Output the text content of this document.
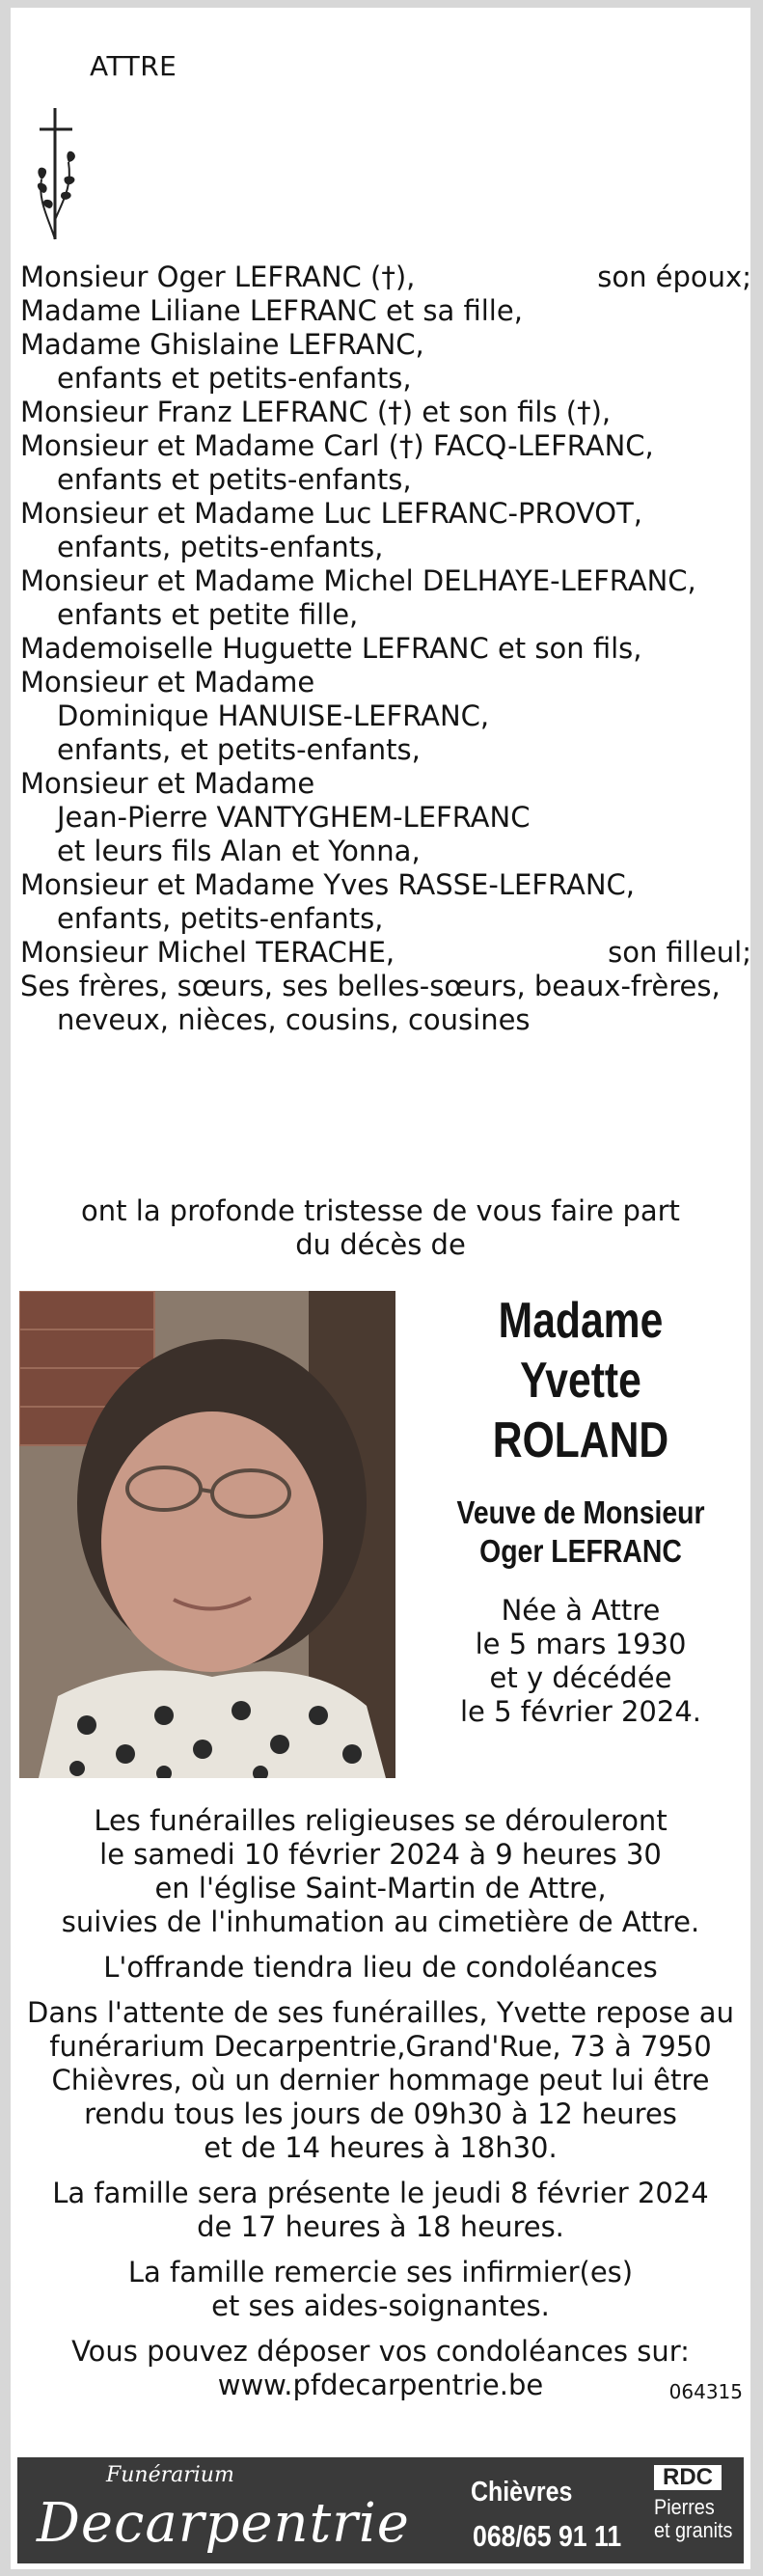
ATTRE
Monsieur Oger LEFRANC (†),	son époux;
Madame Liliane LEFRANC et sa fille,
Madame Ghislaine LEFRANC,
enfants et petits-enfants,
Monsieur Franz LEFRANC (†) et son fils (†),
Monsieur et Madame Carl (†) FACQ-LEFRANC,
enfants et petits-enfants,
Monsieur et Madame Luc LEFRANC-PROVOT,
enfants, petits-enfants,
Monsieur et Madame Michel DELHAYE-LEFRANC,
enfants et petite fille,
Mademoiselle Huguette LEFRANC et son fils,
Monsieur et Madame
Dominique HANUISE-LEFRANC,
enfants, et petits-enfants,
Monsieur et Madame
Jean-Pierre VANTYGHEM-LEFRANC
et leurs fils Alan et Yonna,
Monsieur et Madame Yves RASSE-LEFRANC,
enfants, petits-enfants,
Monsieur Michel TERACHE,	son filleul;
Ses frères, sœurs, ses belles-sœurs, beaux-frères,
neveux, nièces, cousins, cousines
ont la profonde tristesse de vous faire part
du décès de
Madame
Yvette
ROLAND
Veuve de Monsieur
Oger LEFRANC
Née à Attre
le 5 mars 1930
et y décédée
le 5 février 2024.
Les funérailles religieuses se dérouleront
le samedi 10 février 2024 à 9 heures 30
en l'église Saint-Martin de Attre,
suivies de l'inhumation au cimetière de Attre.
L'offrande tiendra lieu de condoléances
Dans l'attente de ses funérailles, Yvette repose au
funérarium Decarpentrie,Grand'Rue, 73 à 7950
Chièvres, où un dernier hommage peut lui être
rendu tous les jours de 09h30 à 12 heures
et de 14 heures à 18h30.
La famille sera présente le jeudi 8 février 2024
de 17 heures à 18 heures.
La famille remercie ses infirmier(es)
et ses aides-soignantes.
Vous pouvez déposer vos condoléances sur:
www.pfdecarpentrie.be	064315
Funérarium
Decarpentrie Chièvres
068/65 91 11
RDC
Pierres
et granits
